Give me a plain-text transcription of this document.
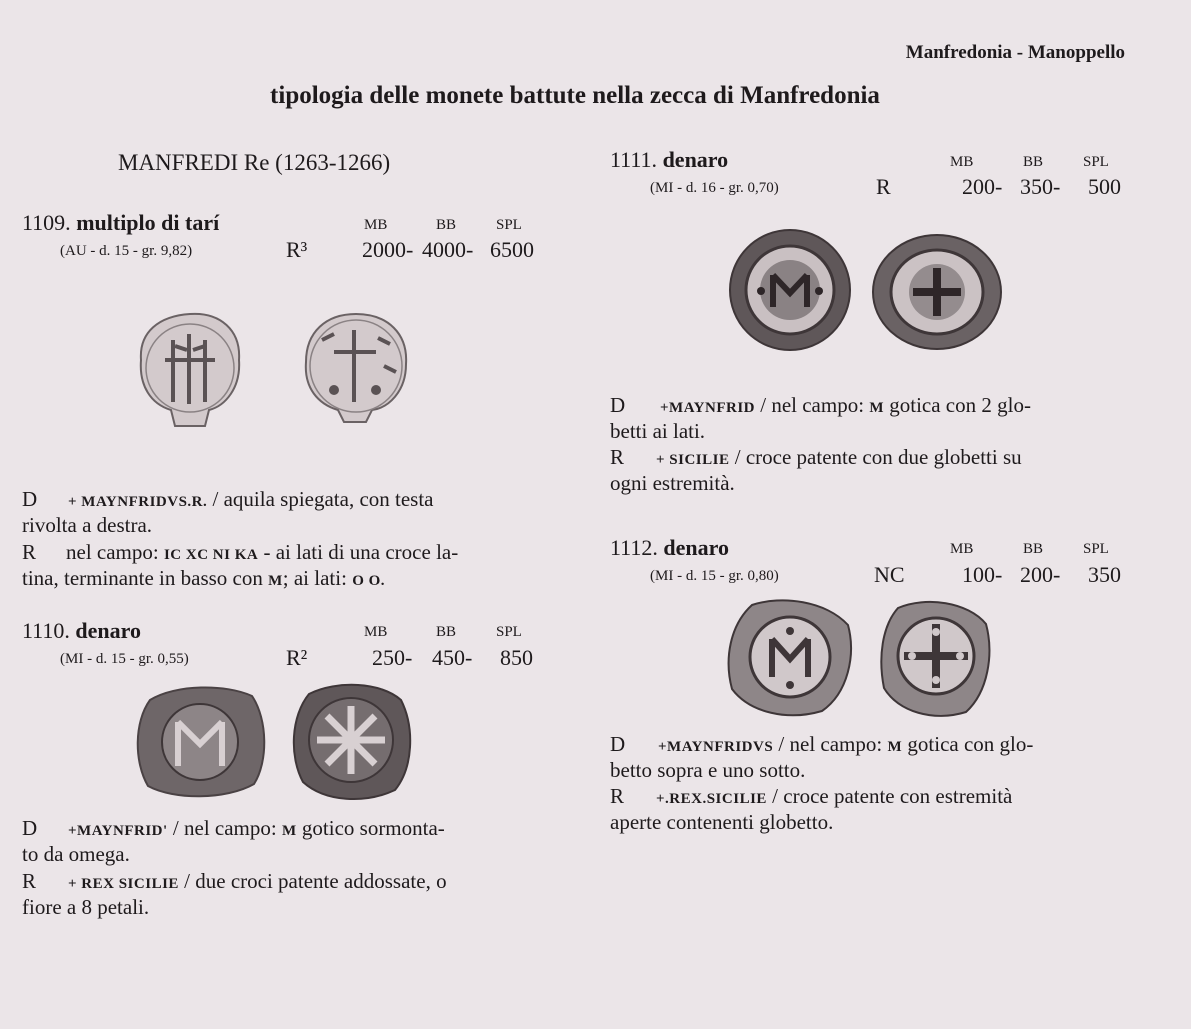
Manfredonia - Manoppello
tipologia delle monete battute nella zecca di Manfredonia
MANFREDI Re (1263-1266)
1109. multiplo di tarí	MB	BB	SPL
(AU - d. 15 - gr. 9,82)	R³ 2000- 4000- 6500
D + MAYNFRIDVS.R. / aquila spiegata, con testa
rivolta a destra.
R nel campo: IC XC NI KA - ai lati di una croce la-
tina, terminante in basso con M; ai lati: O O.
1110. denaro	MB	BB	SPL
(MI - d. 15 - gr. 0,55)	R²	250- 450- 850
D +MAYNFRID' / nel campo: M gotico sormonta-
to da omega.
R + REX SICILIE / due croci patente addossate, o
fiore a 8 petali.
1111. denaro	MB	BB	SPL
(MI - d. 16 - gr. 0,70)	R	200- 350- 500
D +MAYNFRID / nel campo: M gotica con 2 glo-
betti ai lati.
R + SICILIE / croce patente con due globetti su
ogni estremità.
1112. denaro	MB	BB	SPL
(MI - d. 15 - gr. 0,80)	NC	100- 200- 350
D +MAYNFRIDVS / nel campo: M gotica con glo-
betto sopra e uno sotto.
R +.REX.SICILIE / croce patente con estremità
aperte contenenti globetto.
